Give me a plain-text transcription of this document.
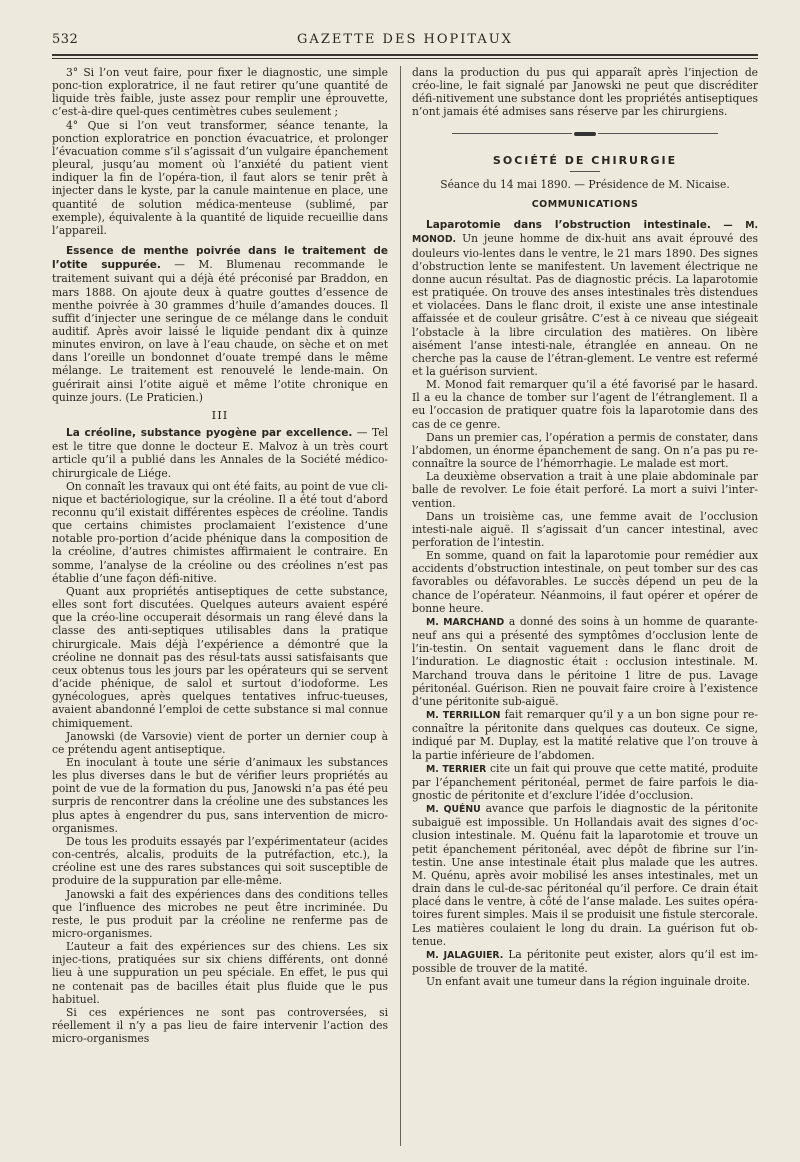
532	GAZETTE DES HOPITAUX

3° Si l’on veut faire, pour fixer le diagnostic, une simple ponc-tion exploratrice, il ne faut retirer qu’une quantité de liquide très faible, juste assez pour remplir une éprouvette, c’est-à-dire quel-ques centimètres cubes seulement ;

4° Que si l’on veut transformer, séance tenante, la ponction exploratrice en ponction évacuatrice, et prolonger l’évacuation comme s’il s’agissait d’un vulgaire épanchement pleural, jusqu’au moment où l’anxiété du patient vient indiquer la fin de l’opéra-tion, il faut alors se tenir prêt à injecter dans le kyste, par la canule maintenue en place, une quantité de solution médica-menteuse (sublimé, par exemple), équivalente à la quantité de liquide recueillie dans l’appareil.

Essence de menthe poivrée dans le traitement de l’otite suppurée. — M. Blumenau recommande le traitement suivant qui a déjà été préconisé par Braddon, en mars 1888. On ajoute deux à quatre gouttes d’essence de menthe poivrée à 30 grammes d’huile d’amandes douces. Il suffit d’injecter une seringue de ce mélange dans le conduit auditif. Après avoir laissé le liquide pendant dix à quinze minutes environ, on lave à l’eau chaude, on sèche et on met dans l’oreille un bondonnet d’ouate trempé dans le même mélange. Le traitement est renouvelé le lende-main. On guérirait ainsi l’otite aiguë et même l’otite chronique en quinze jours. (Le Praticien.)

III

La créoline, substance pyogène par excellence. — Tel est le titre que donne le docteur E. Malvoz à un très court article qu’il a publié dans les Annales de la Société médico-chirurgicale de Liége.

On connaît les travaux qui ont été faits, au point de vue cli-nique et bactériologique, sur la créoline. Il a été tout d’abord reconnu qu’il existait différentes espèces de créoline. Tandis que certains chimistes proclamaient l’existence d’une notable pro-portion d’acide phénique dans la composition de la créoline, d’autres chimistes affirmaient le contraire. En somme, l’analyse de la créoline ou des créolines n’est pas établie d’une façon défi-nitive.

Quant aux propriétés antiseptiques de cette substance, elles sont fort discutées. Quelques auteurs avaient espéré que la créo-line occuperait désormais un rang élevé dans la classe des anti-septiques utilisables dans la pratique chirurgicale. Mais déjà l’expérience a démontré que la créoline ne donnait pas des résul-tats aussi satisfaisants que ceux obtenus tous les jours par les opérateurs qui se servent d’acide phénique, de salol et surtout d’iodoforme. Les gynécologues, après quelques tentatives infruc-tueuses, avaient abandonné l’emploi de cette substance si mal connue chimiquement.

Janowski (de Varsovie) vient de porter un dernier coup à ce prétendu agent antiseptique.

En inoculant à toute une série d’animaux les substances les plus diverses dans le but de vérifier leurs propriétés au point de vue de la formation du pus, Janowski n’a pas été peu surpris de rencontrer dans la créoline une des substances les plus aptes à engendrer du pus, sans intervention de micro-organismes.

De tous les produits essayés par l’expérimentateur (acides con-centrés, alcalis, produits de la putréfaction, etc.), la créoline est une des rares substances qui soit susceptible de produire de la suppuration par elle-même.

Janowski a fait des expériences dans des conditions telles que l’influence des microbes ne peut être incriminée. Du reste, le pus produit par la créoline ne renferme pas de micro-organismes.

L’auteur a fait des expériences sur des chiens. Les six injec-tions, pratiquées sur six chiens différents, ont donné lieu à une suppuration un peu spéciale. En effet, le pus qui ne contenait pas de bacilles était plus fluide que le pus habituel.

Si ces expériences ne sont pas controversées, si réellement il n’y a pas lieu de faire intervenir l’action des micro-organismes

dans la production du pus qui apparaît après l’injection de créo-line, le fait signalé par Janowski ne peut que discréditer défi-nitivement une substance dont les propriétés antiseptiques n’ont jamais été admises sans réserve par les chirurgiens.

SOCIÉTÉ DE CHIRURGIE

Séance du 14 mai 1890. — Présidence de M. Nicaise.

COMMUNICATIONS

Laparotomie dans l’obstruction intestinale. — M. MONOD. Un jeune homme de dix-huit ans avait éprouvé des douleurs vio-lentes dans le ventre, le 21 mars 1890. Des signes d’obstruction lente se manifestent. Un lavement électrique ne donne aucun résultat. Pas de diagnostic précis. La laparotomie est pratiquée. On trouve des anses intestinales très distendues et violacées. Dans le flanc droit, il existe une anse intestinale affaissée et de couleur grisâtre. C’est à ce niveau que siégeait l’obstacle à la libre circulation des matières. On libère aisément l’anse intesti-nale, étranglée en anneau. On ne cherche pas la cause de l’étran-glement. Le ventre est refermé et la guérison survient.

M. Monod fait remarquer qu’il a été favorisé par le hasard. Il a eu la chance de tomber sur l’agent de l’étranglement. Il a eu l’occasion de pratiquer quatre fois la laparotomie dans des cas de ce genre.

Dans un premier cas, l’opération a permis de constater, dans l’abdomen, un énorme épanchement de sang. On n’a pas pu re-connaître la source de l’hémorrhagie. Le malade est mort.

La deuxième observation a trait à une plaie abdominale par balle de revolver. Le foie était perforé. La mort a suivi l’inter-vention.

Dans un troisième cas, une femme avait de l’occlusion intesti-nale aiguë. Il s’agissait d’un cancer intestinal, avec perforation de l’intestin.

En somme, quand on fait la laparotomie pour remédier aux accidents d’obstruction intestinale, on peut tomber sur des cas favorables ou défavorables. Le succès dépend un peu de la chance de l’opérateur. Néanmoins, il faut opérer et opérer de bonne heure.

M. MARCHAND a donné des soins à un homme de quarante-neuf ans qui a présenté des symptômes d’occlusion lente de l’in-testin. On sentait vaguement dans le flanc droit de l’induration. Le diagnostic était : occlusion intestinale. M. Marchand trouva dans le péritoine 1 litre de pus. Lavage péritonéal. Guérison. Rien ne pouvait faire croire à l’existence d’une péritonite sub-aiguë.

M. TERRILLON fait remarquer qu’il y a un bon signe pour re-connaître la péritonite dans quelques cas douteux. Ce signe, indiqué par M. Duplay, est la matité relative que l’on trouve à la partie inférieure de l’abdomen.

M. TERRIER cite un fait qui prouve que cette matité, produite par l’épanchement péritonéal, permet de faire parfois le dia-gnostic de péritonite et d’exclure l’idée d’occlusion.

M. QUÉNU avance que parfois le diagnostic de la péritonite subaiguë est impossible. Un Hollandais avait des signes d’oc-clusion intestinale. M. Quénu fait la laparotomie et trouve un petit épanchement péritonéal, avec dépôt de fibrine sur l’in-testin. Une anse intestinale était plus malade que les autres. M. Quénu, après avoir mobilisé les anses intestinales, met un drain dans le cul-de-sac péritonéal qu’il perfore. Ce drain était placé dans le ventre, à côté de l’anse malade. Les suites opéra-toires furent simples. Mais il se produisit une fistule stercorale. Les matières coulaient le long du drain. La guérison fut ob-tenue.

M. JALAGUIER. La péritonite peut exister, alors qu’il est im-possible de trouver de la matité.

Un enfant avait une tumeur dans la région inguinale droite.
